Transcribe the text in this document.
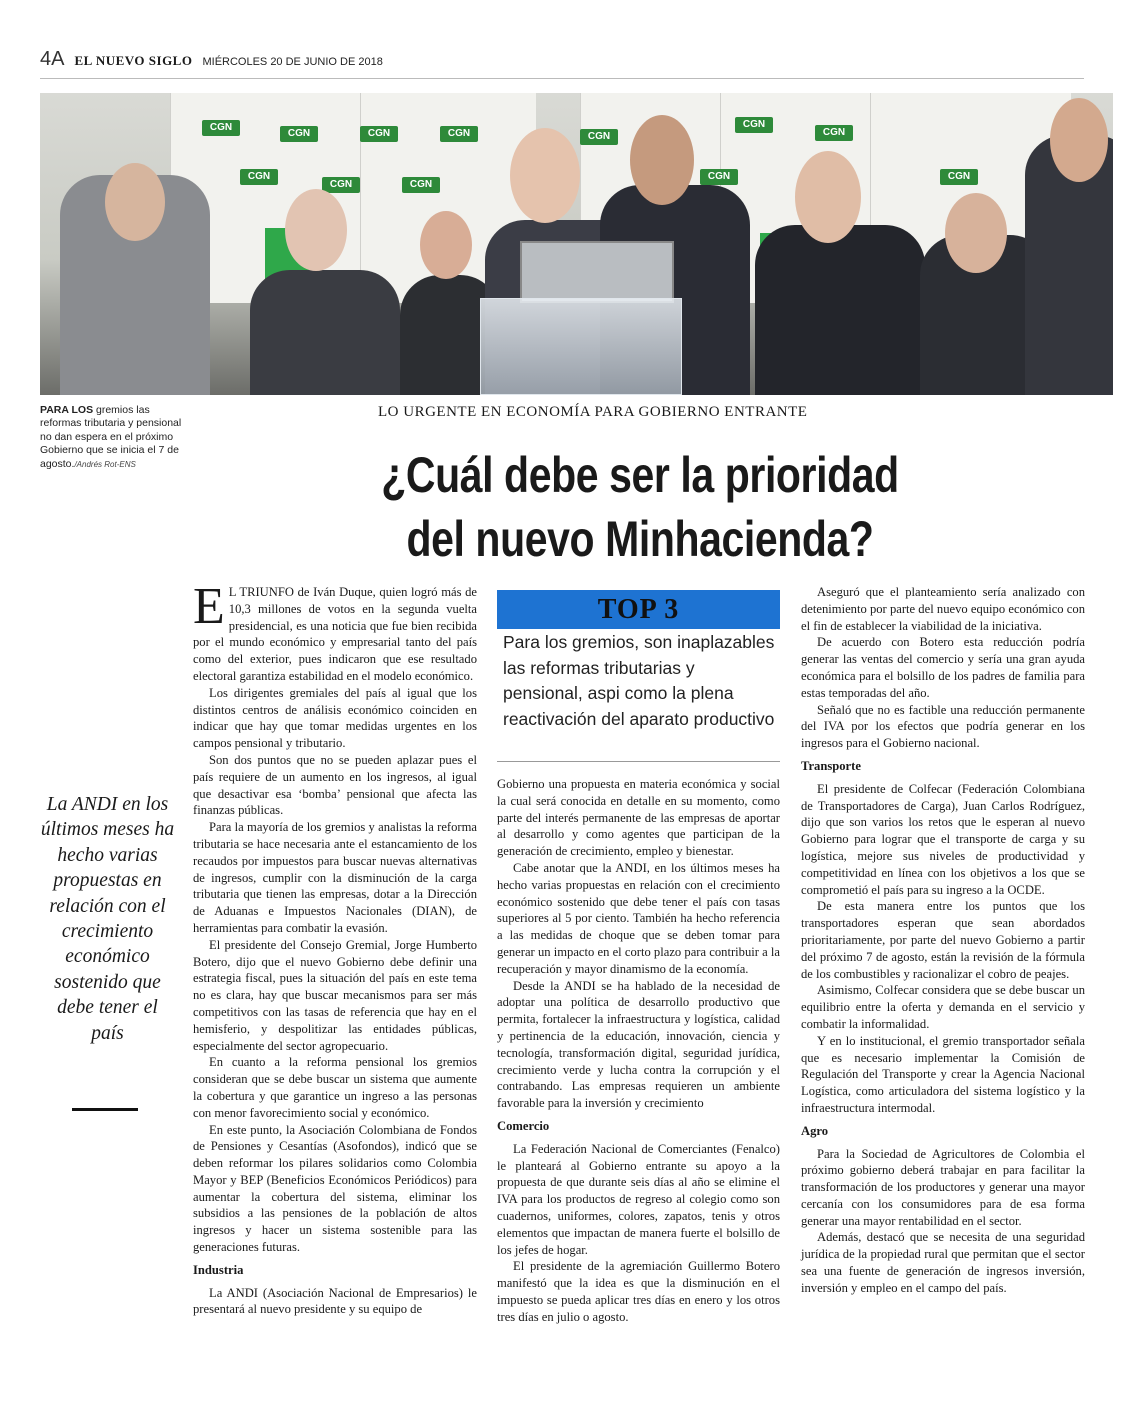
4A EL NUEVO SIGLO MIÉRCOLES 20 DE JUNIO DE 2018
CGN
CGN	CGN	CGN
CGN
CGN	CGN
CGN
CGN
CGN
CGN	CGN
PARA LOS gremios las reformas tributaria y pensional no dan espera en el próximo Gobierno que se inicia el 7 de agosto./Andrés Rot-ENS
LO URGENTE EN ECONOMÍA PARA GOBIERNO ENTRANTE
¿Cuál debe ser la prioridad
del nuevo Minhacienda?
La ANDI en los últimos meses ha hecho varias propuestas en relación con el crecimiento económico sostenido que debe tener el país

E L TRIUNFO de Iván Duque, quien logró más de 10,3 millones de votos en la segunda vuelta presidencial, es una noticia que fue bien recibida por el mundo económico y empresarial tanto del país como del exterior, pues indicaron que ese resultado electoral garantiza estabilidad en el modelo económico.

Los dirigentes gremiales del país al igual que los distintos centros de análisis económico coinciden en indicar que hay que tomar medidas urgentes en los campos pensional y tributario.

Son dos puntos que no se pueden aplazar pues el país requiere de un aumento en los ingresos, al igual que desactivar esa ‘bomba’ pensional que afecta las finanzas públicas.

Para la mayoría de los gremios y analistas la reforma tributaria se hace necesaria ante el estancamiento de los recaudos por impuestos para buscar nuevas alternativas de ingresos, cumplir con la disminución de la carga tributaria que tienen las empresas, dotar a la Dirección de Aduanas e Impuestos Nacionales (DIAN), de herramientas para combatir la evasión.

El presidente del Consejo Gremial, Jorge Humberto Botero, dijo que el nuevo Gobierno debe definir una estrategia fiscal, pues la situación del país en este tema no es clara, hay que buscar mecanismos para ser más competitivos con las tasas de referencia que hay en el hemisferio, y despolitizar las entidades públicas, especialmente del sector agropecuario.

En cuanto a la reforma pensional los gremios consideran que se debe buscar un sistema que aumente la cobertura y que garantice un ingreso a las personas con menor favorecimiento social y económico.

En este punto, la Asociación Colombiana de Fondos de Pensiones y Cesantías (Asofondos), indicó que se deben reformar los pilares solidarios como Colombia Mayor y BEP (Beneficios Económicos Periódicos) para aumentar la cobertura del sistema, eliminar los subsidios a las pensiones de la población de altos ingresos y hacer un sistema sostenible para las generaciones futuras.

Industria

La ANDI (Asociación Nacional de Empresarios) le presentará al nuevo presidente y su equipo de

TOP 3
Para los gremios, son inaplazables las reformas tributarias y pensional, aspi como la plena reactivación del aparato productivo

Gobierno una propuesta en materia económica y social la cual será conocida en detalle en su momento, como parte del interés permanente de las empresas de aportar al desarrollo y como agentes que participan de la generación de crecimiento, empleo y bienestar.

Cabe anotar que la ANDI, en los últimos meses ha hecho varias propuestas en relación con el crecimiento económico sostenido que debe tener el país con tasas superiores al 5 por ciento. También ha hecho referencia a las medidas de choque que se deben tomar para generar un impacto en el corto plazo para contribuir a la recuperación y mayor dinamismo de la economía.

Desde la ANDI se ha hablado de la necesidad de adoptar una política de desarrollo productivo que permita, fortalecer la infraestructura y logística, calidad y pertinencia de la educación, innovación, ciencia y tecnología, transformación digital, seguridad jurídica, crecimiento verde y lucha contra la corrupción y el contrabando. Las empresas requieren un ambiente favorable para la inversión y crecimiento

Comercio

La Federación Nacional de Comerciantes (Fenalco) le planteará al Gobierno entrante su apoyo a la propuesta de que durante seis días al año se elimine el IVA para los productos de regreso al colegio como son cuadernos, uniformes, colores, zapatos, tenis y otros elementos que impactan de manera fuerte el bolsillo de los jefes de hogar.

El presidente de la agremiación Guillermo Botero manifestó que la idea es que la disminución en el impuesto se pueda aplicar tres días en enero y los otros tres días en julio o agosto.

Aseguró que el planteamiento sería analizado con detenimiento por parte del nuevo equipo económico con el fin de establecer la viabilidad de la iniciativa.

De acuerdo con Botero esta reducción podría generar las ventas del comercio y sería una gran ayuda económica para el bolsillo de los padres de familia para estas temporadas del año.

Señaló que no es factible una reducción permanente del IVA por los efectos que podría generar en los ingresos para el Gobierno nacional.

Transporte

El presidente de Colfecar (Federación Colombiana de Transportadores de Carga), Juan Carlos Rodríguez, dijo que son varios los retos que le esperan al nuevo Gobierno para lograr que el transporte de carga y su logística, mejore sus niveles de productividad y competitividad en línea con los objetivos a los que se comprometió el país para su ingreso a la OCDE.

De esta manera entre los puntos que los transportadores esperan que sean abordados prioritariamente, por parte del nuevo Gobierno a partir del próximo 7 de agosto, están la revisión de la fórmula de los combustibles y racionalizar el cobro de peajes.

Asimismo, Colfecar considera que se debe buscar un equilibrio entre la oferta y demanda en el servicio y combatir la informalidad.

Y en lo institucional, el gremio transportador señala que es necesario implementar la Comisión de Regulación del Transporte y crear la Agencia Nacional Logística, como articuladora del sistema logístico y la infraestructura intermodal.

Agro

Para la Sociedad de Agricultores de Colombia el próximo gobierno deberá trabajar en para facilitar la transformación de los productores y generar una mayor cercanía con los consumidores para de esa forma generar una mayor rentabilidad en el sector.

Además, destacó que se necesita de una seguridad jurídica de la propiedad rural que permitan que el sector sea una fuente de generación de ingresos inversión, inversión y empleo en el campo del país.
